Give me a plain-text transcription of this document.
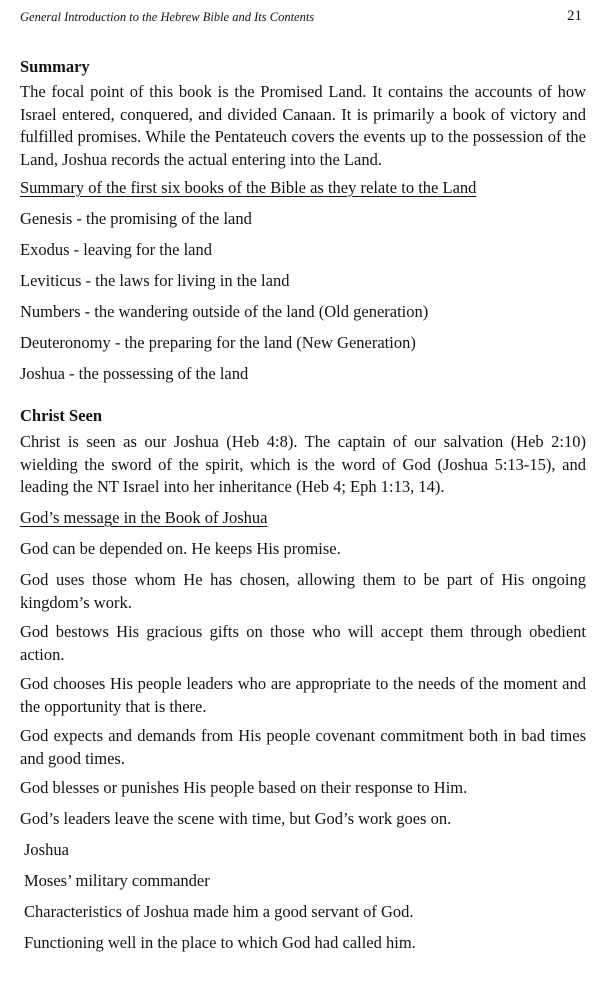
General Introduction to the Hebrew Bible and Its Contents	21
Summary
The focal point of this book is the Promised Land. It contains the accounts of how Israel entered, conquered, and divided Canaan. It is primarily a book of victory and fulfilled promises. While the Pentateuch covers the events up to the possession of the Land, Joshua records the actual entering into the Land.
Summary of the first six books of the Bible as they relate to the Land
Genesis - the promising of the land
Exodus - leaving for the land
Leviticus - the laws for living in the land
Numbers - the wandering outside of the land (Old generation)
Deuteronomy - the preparing for the land (New Generation)
Joshua - the possessing of the land
Christ Seen
Christ is seen as our Joshua (Heb 4:8). The captain of our salvation (Heb 2:10) wielding the sword of the spirit, which is the word of God (Joshua 5:13-15), and leading the NT Israel into her inheritance (Heb 4; Eph 1:13, 14).
God’s message in the Book of Joshua
God can be depended on. He keeps His promise.
God uses those whom He has chosen, allowing them to be part of His ongoing kingdom’s work.
God bestows His gracious gifts on those who will accept them through obedient action.
God chooses His people leaders who are appropriate to the needs of the moment and the opportunity that is there.
God expects and demands from His people covenant commitment both in bad times and good times.
God blesses or punishes His people based on their response to Him.
God’s leaders leave the scene with time, but God’s work goes on.
Joshua
Moses’ military commander
Characteristics of Joshua made him a good servant of God.
Functioning well in the place to which God had called him.
